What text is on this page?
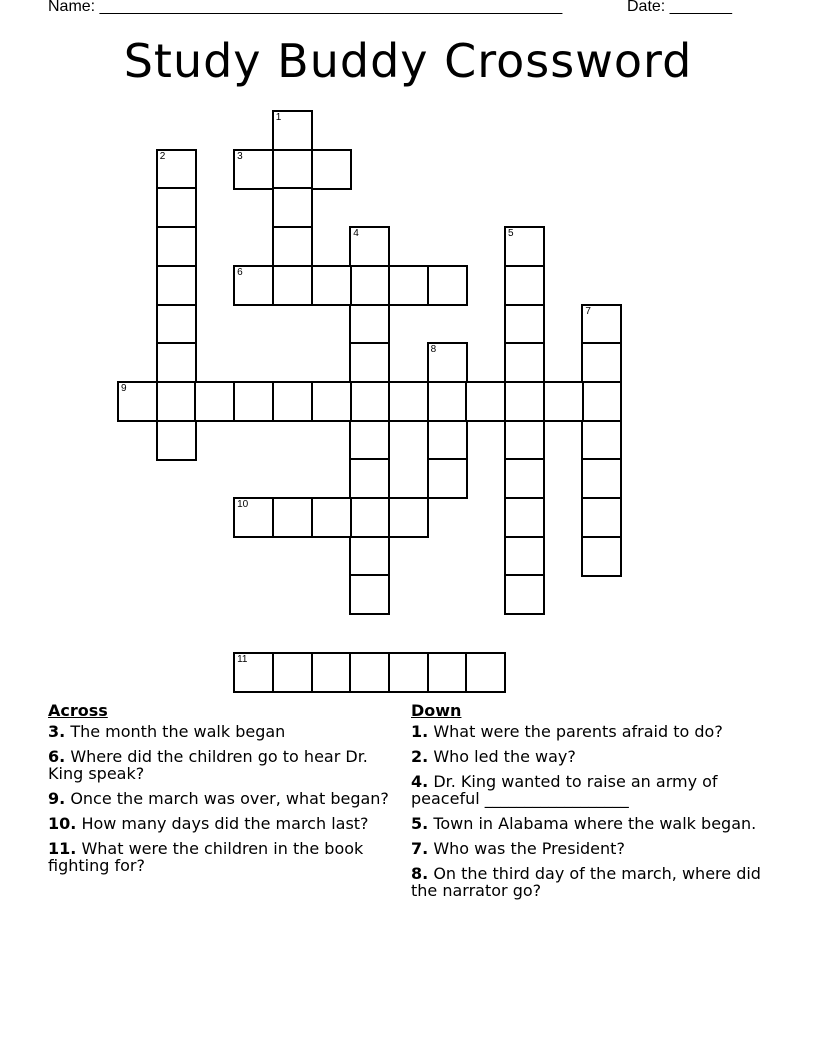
Name: ____________________________________________________	Date: _______
Study Buddy Crossword
1
2	3
4	5
6
7
8
9
10
11
Across
3. The month the walk began
6. Where did the children go to hear Dr. King speak?
9. Once the march was over, what began?
10. How many days did the march last?
11. What were the children in the book fighting for?
Down
1. What were the parents afraid to do?
2. Who led the way?
4. Dr. King wanted to raise an army of peaceful __________________
5. Town in Alabama where the walk began.
7. Who was the President?
8. On the third day of the march, where did the narrator go?
